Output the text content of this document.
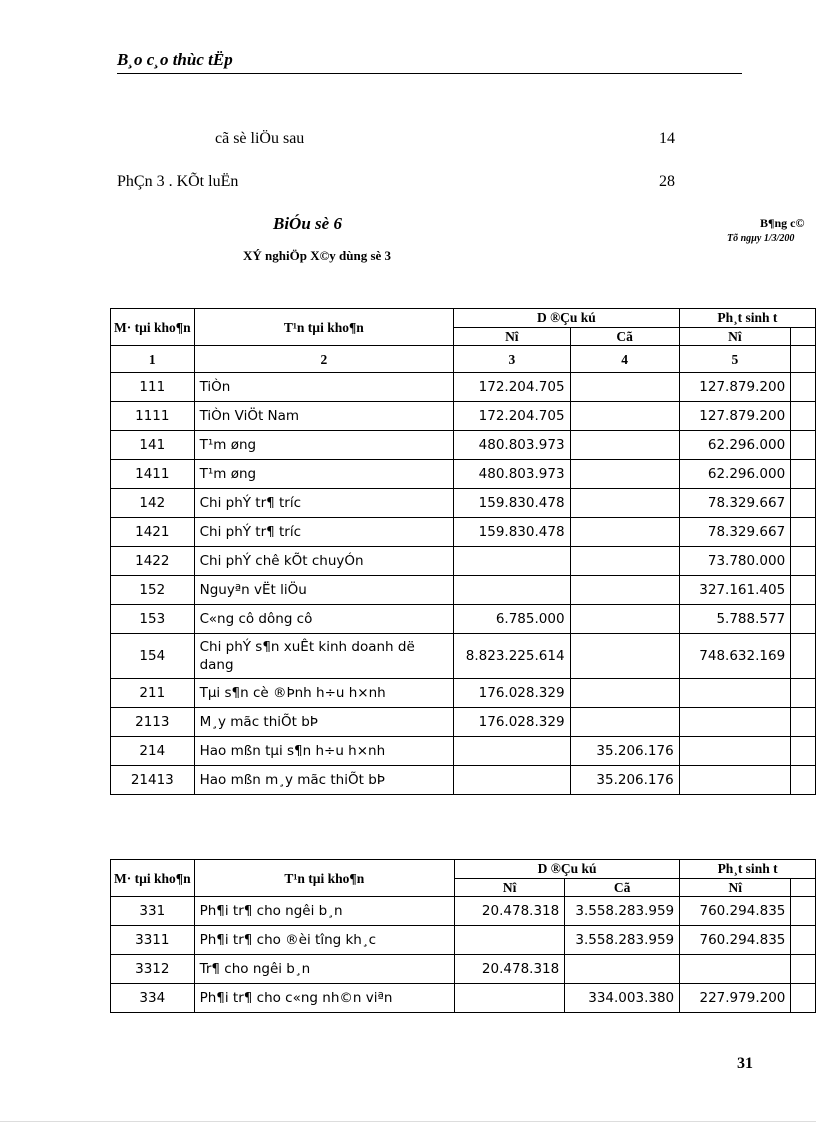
B¸o c¸o thùc tËp
cã sè liÖu sau	14
PhÇn 3 . KÕt luËn	28
BiÓu sè 6
XÝ nghiÖp X©y dùng sè 3
B¶ng c©
Tõ ngµy 1/3/200
M· tµi kho¶n	T¹n tµi kho¶n	D ®Çu kú		Ph¸t sinh t	
		Nî	Cã	Nî	
1	2	3	4	5	
111	TiÒn	172.204.705		127.879.200	
1111	TiÒn ViÖt Nam	172.204.705		127.879.200	
141	T¹m øng	480.803.973		62.296.000	
1411	T¹m øng	480.803.973		62.296.000	
142	Chi phÝ tr¶ tríc	159.830.478		78.329.667	
1421	Chi phÝ tr¶ tríc	159.830.478		78.329.667	
1422	Chi phÝ chê kÕt chuyÓn			73.780.000	
152	Nguyªn vËt liÖu			327.161.405	
153	C«ng cô dông cô	6.785.000		5.788.577	
154	Chi phÝ s¶n xuÊt kinh doanh dë dang	8.823.225.614		748.632.169	
211	Tµi s¶n cè ®Þnh h÷u h×nh	176.028.329			
2113	M¸y mãc thiÕt bÞ	176.028.329			
214	Hao mßn tµi s¶n h÷u h×nh		35.206.176		
21413	Hao mßn m¸y mãc thiÕt bÞ		35.206.176		
M· tµi kho¶n	T¹n tµi kho¶n	D ®Çu kú		Ph¸t sinh t	
		Nî	Cã	Nî	
331	Ph¶i tr¶ cho ngêi b¸n	20.478.318	3.558.283.959	760.294.835	
3311	Ph¶i tr¶ cho ®èi tîng kh¸c		3.558.283.959	760.294.835	
3312	Tr¶ cho ngêi b¸n	20.478.318			
334	Ph¶i tr¶ cho c«ng nh©n viªn		334.003.380	227.979.200	
31
